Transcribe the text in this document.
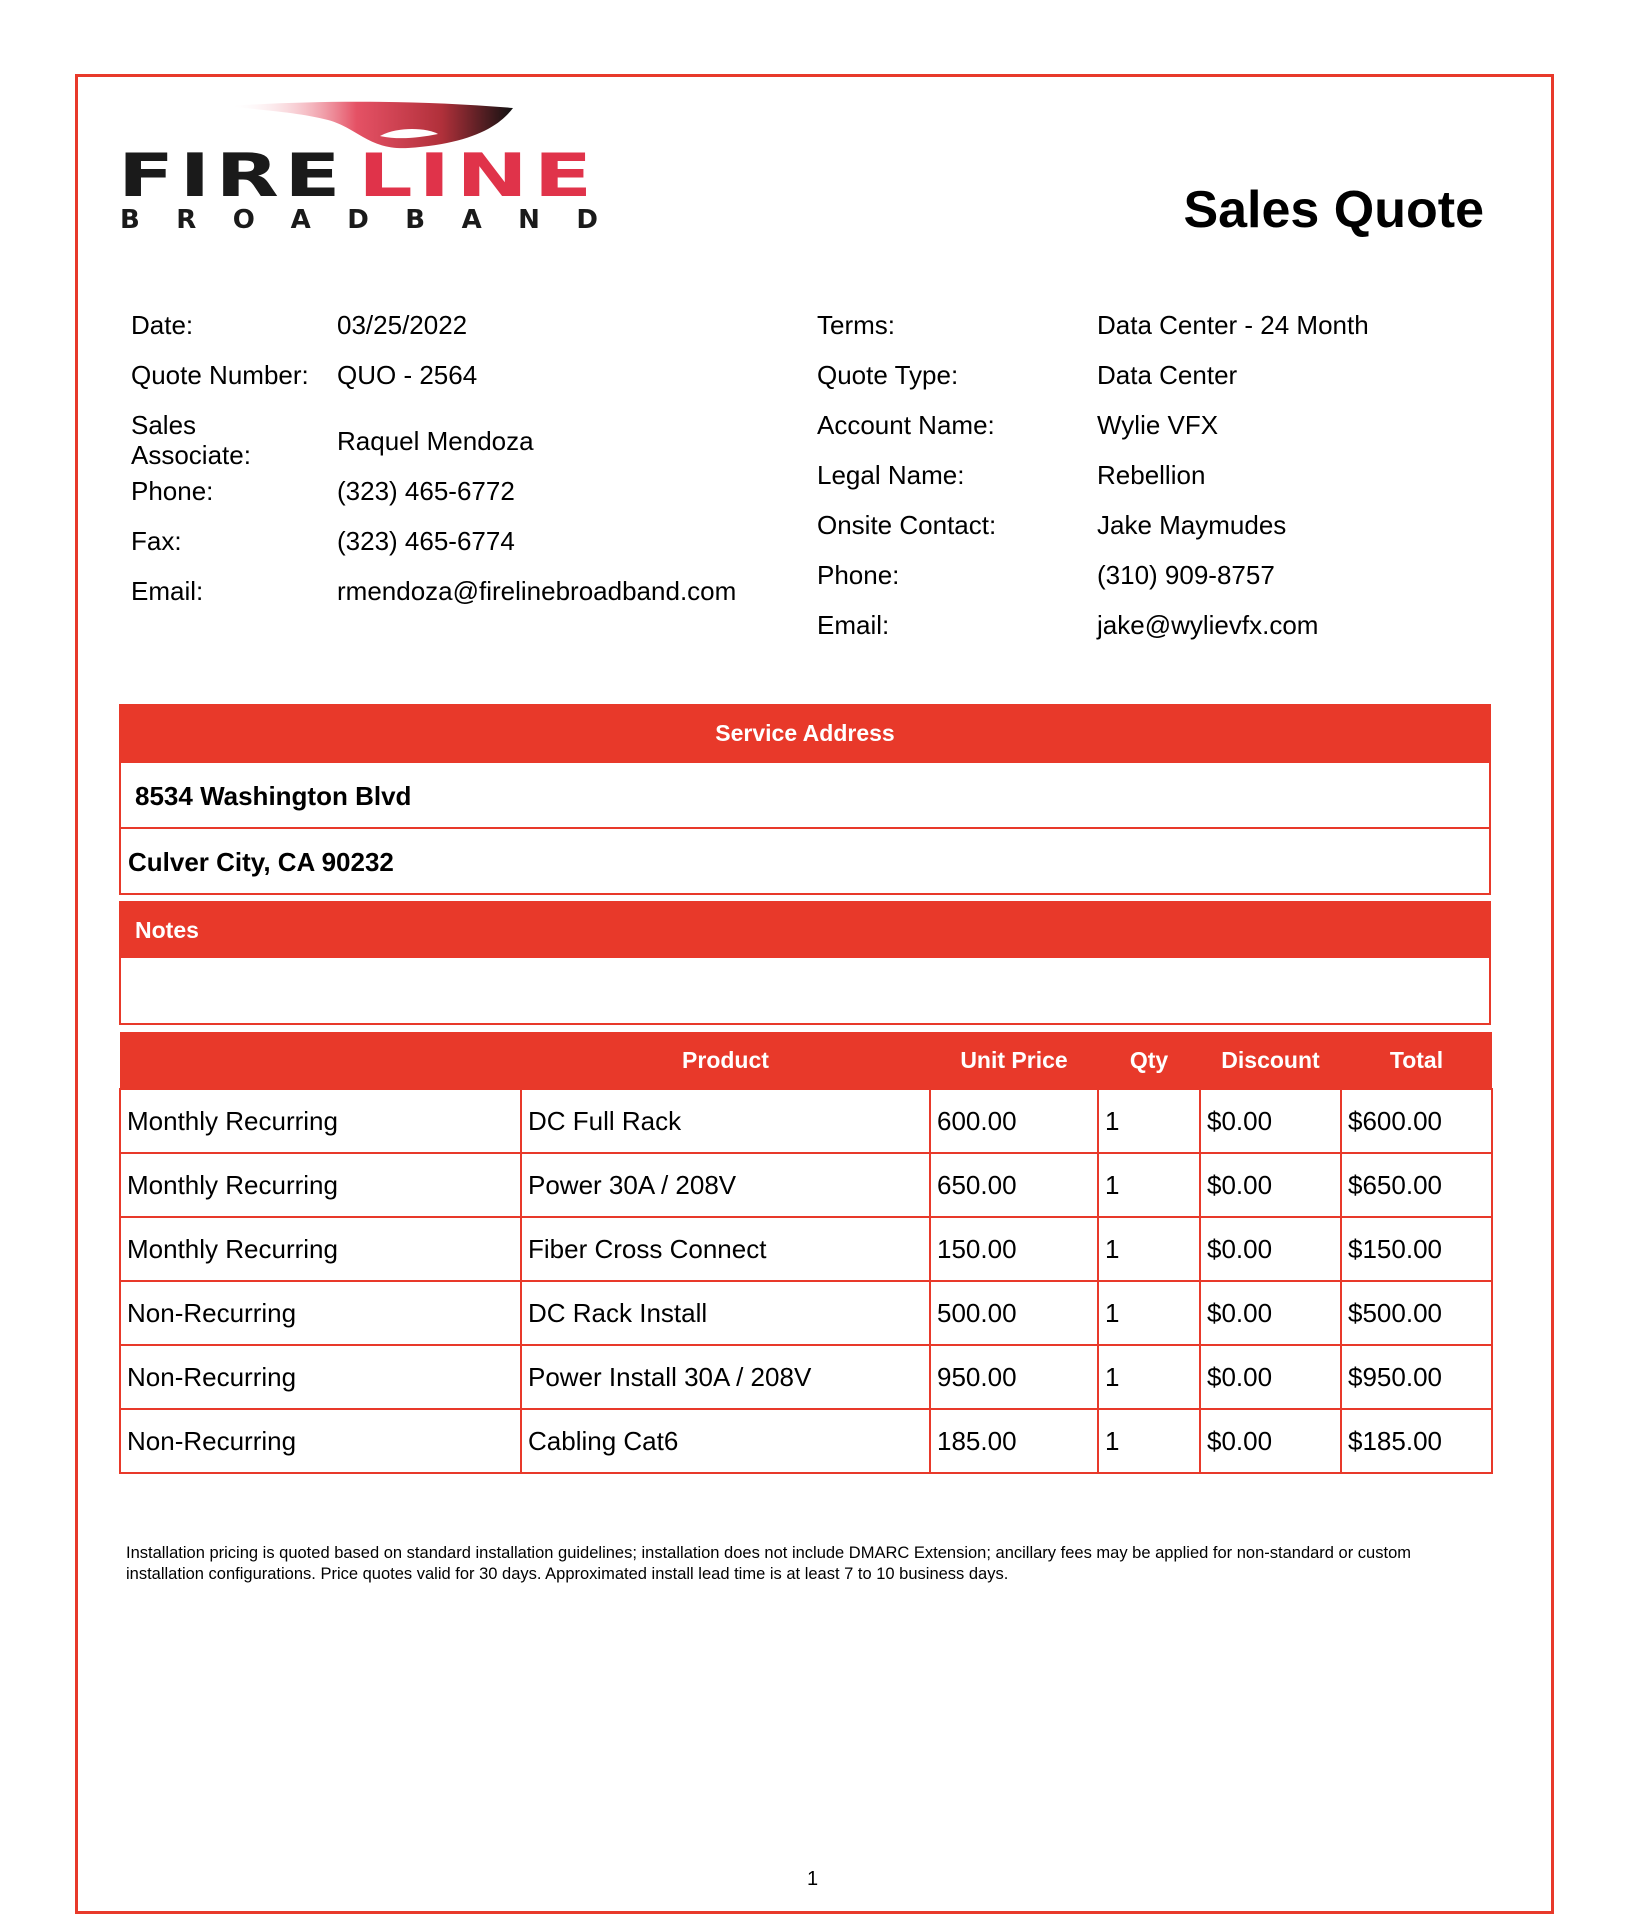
FIRE LINE
BROADBAND	Sales Quote
Date:	03/25/2022
Quote Number: QUO - 2564
Sales Associate:	Raquel Mendoza
Phone:	(323) 465-6772
Fax:	(323) 465-6774
Email:	rmendoza@firelinebroadband.com
Terms:	Data Center - 24 Month
Quote Type:	Data Center
Account Name:	Wylie VFX
Legal Name:	Rebellion
Onsite Contact:	Jake Maymudes
Phone:	(310) 909-8757
Email:	jake@wylievfx.com
Service Address
8534 Washington Blvd
Culver City, CA 90232
Notes
	Product	Unit Price	Qty	Discount	Total
Monthly Recurring	DC Full Rack	600.00	1	$0.00	$600.00
Monthly Recurring	Power 30A / 208V	650.00	1	$0.00	$650.00
Monthly Recurring	Fiber Cross Connect	150.00	1	$0.00	$150.00
Non-Recurring	DC Rack Install	500.00	1	$0.00	$500.00
Non-Recurring	Power Install 30A / 208V	950.00	1	$0.00	$950.00
Non-Recurring	Cabling Cat6	185.00	1	$0.00	$185.00

Installation pricing is quoted based on standard installation guidelines; installation does not include DMARC Extension; ancillary fees may be applied for non-standard or custom installation configurations. Price quotes valid for 30 days. Approximated install lead time is at least 7 to 10 business days.

1
